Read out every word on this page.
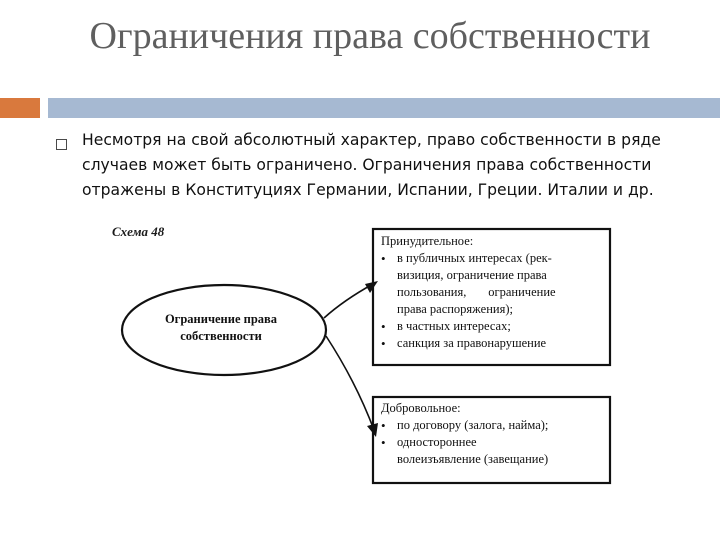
Ограничения права собственности
Несмотря на свой абсолютный характер, право собственности в ряде случаев может быть ограничено. Ограничения права собственности отражены в Конституциях Германии, Испании, Греции. Италии и др.
Схема 48
Ограничение права
собственности
Принудительное:
• в публичных интересах (рек-
визиция, ограничение права
пользования,       ограничение
права распоряжения);
• в частных интересах;
• санкция за правонарушение
Добровольное:
• по договору (залога, найма);
• одностороннее
волеизъявление (завещание)
